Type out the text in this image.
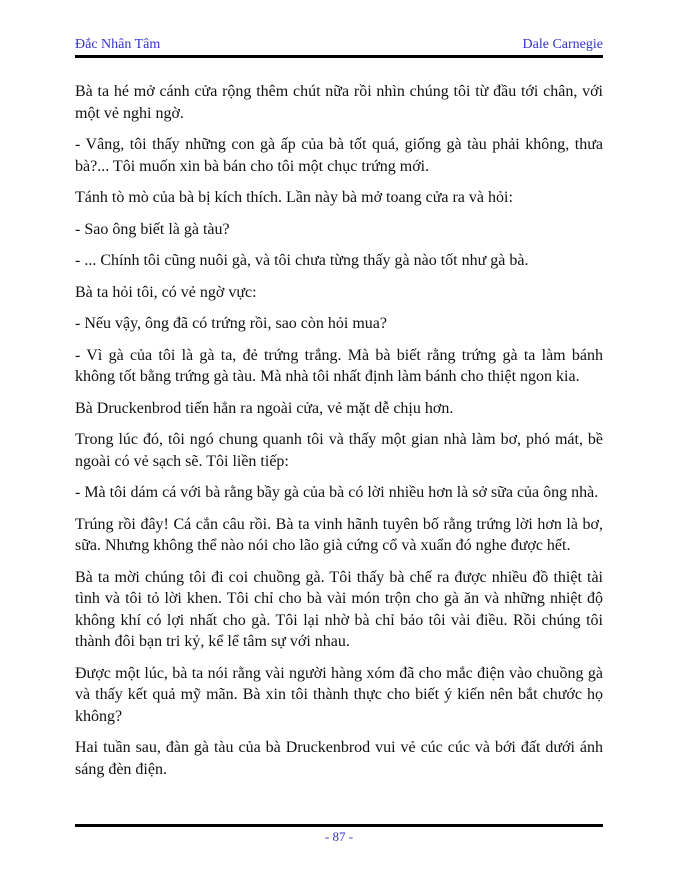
Đắc Nhân Tâm	Dale Carnegie

Bà ta hé mở cánh cửa rộng thêm chút nữa rồi nhìn chúng tôi từ đầu tới chân, với một vẻ nghi ngờ.

- Vâng, tôi thấy những con gà ấp của bà tốt quá, giống gà tàu phải không, thưa bà?... Tôi muốn xin bà bán cho tôi một chục trứng mới.

Tánh tò mò của bà bị kích thích. Lần này bà mở toang cửa ra và hỏi:

- Sao ông biết là gà tàu?

- ... Chính tôi cũng nuôi gà, và tôi chưa từng thấy gà nào tốt như gà bà.

Bà ta hỏi tôi, có vẻ ngờ vực:

- Nếu vậy, ông đã có trứng rồi, sao còn hỏi mua?

- Vì gà của tôi là gà ta, đẻ trứng trắng. Mà bà biết rằng trứng gà ta làm bánh không tốt bằng trứng gà tàu. Mà nhà tôi nhất định làm bánh cho thiệt ngon kia.

Bà Druckenbrod tiến hẳn ra ngoài cửa, vẻ mặt dễ chịu hơn.

Trong lúc đó, tôi ngó chung quanh tôi và thấy một gian nhà làm bơ, phó mát, bề ngoài có vẻ sạch sẽ. Tôi liền tiếp:

- Mà tôi dám cá với bà rằng bầy gà của bà có lời nhiều hơn là sở sữa của ông nhà.

Trúng rồi đây! Cá cắn câu rồi. Bà ta vinh hãnh tuyên bố rằng trứng lời hơn là bơ, sữa. Nhưng không thể nào nói cho lão già cứng cổ và xuẩn đó nghe được hết.

Bà ta mời chúng tôi đi coi chuồng gà. Tôi thấy bà chế ra được nhiều đồ thiệt tài tình và tôi tỏ lời khen. Tôi chỉ cho bà vài món trộn cho gà ăn và những nhiệt độ không khí có lợi nhất cho gà. Tôi lại nhờ bà chỉ bảo tôi vài điều. Rồi chúng tôi thành đôi bạn tri kỷ, kể lể tâm sự với nhau.

Được một lúc, bà ta nói rằng vài người hàng xóm đã cho mắc điện vào chuồng gà và thấy kết quả mỹ mãn. Bà xin tôi thành thực cho biết ý kiến nên bắt chước họ không?

Hai tuần sau, đàn gà tàu của bà Druckenbrod vui vẻ cúc cúc và bới đất dưới ánh sáng đèn điện.

- 87 -
